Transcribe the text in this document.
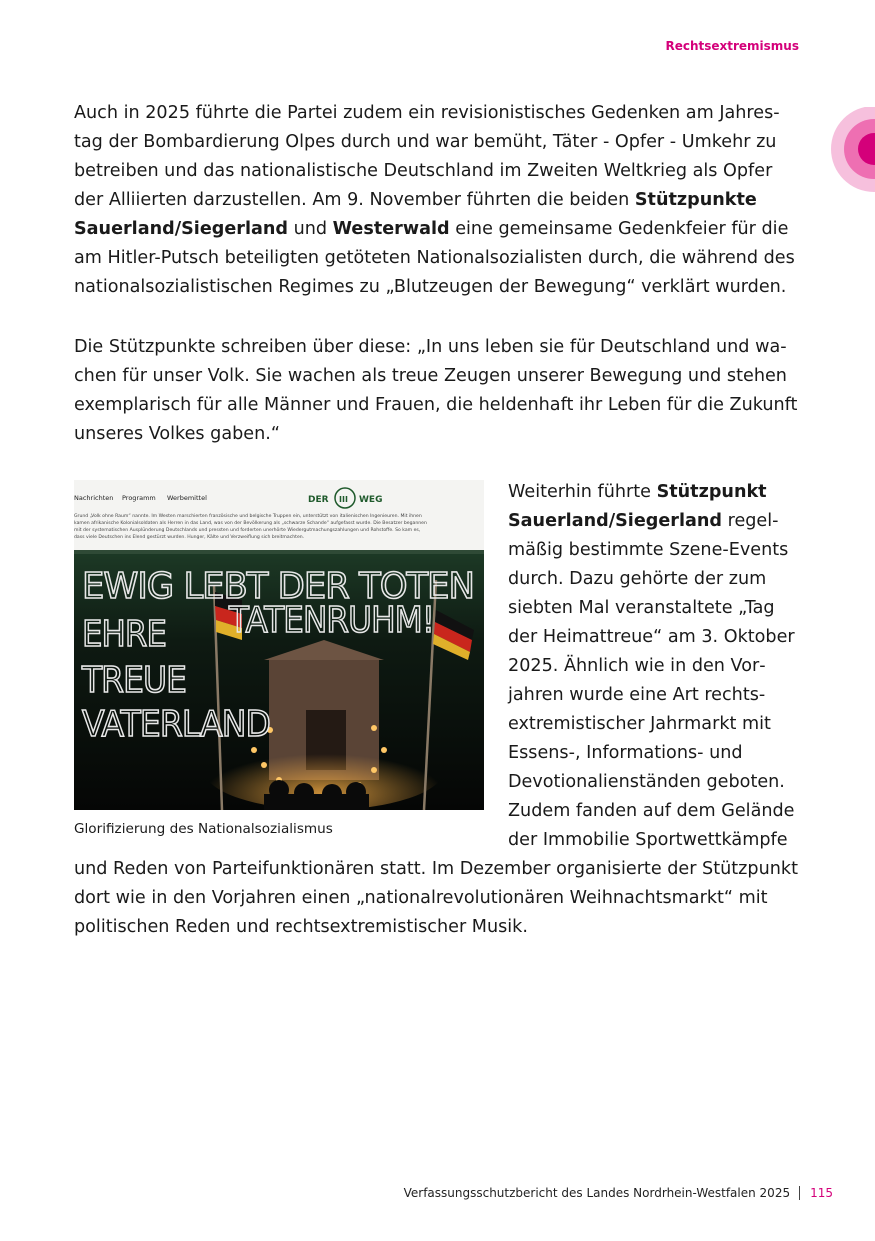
Rechtsextremismus

Auch in 2025 führte die Partei zudem ein revisionistisches Gedenken am Jahrestag der Bombardierung Olpes durch und war bemüht, Täter - Opfer - Umkehr zu betreiben und das nationalistische Deutschland im Zweiten Weltkrieg als Opfer der Alliierten darzustellen. Am 9. November führten die beiden Stützpunkte Sauerland/Siegerland und Westerwald eine gemeinsame Gedenkfeier für die am Hitler-Putsch beteiligten getöteten Nationalsozialisten durch, die während des nationalsozialistischen Regimes zu „Blutzeugen der Bewegung“ verklärt wurden.

Die Stützpunkte schreiben über diese: „In uns leben sie für Deutschland und wachen für unser Volk. Sie wachen als treue Zeugen unserer Bewegung und stehen exemplarisch für alle Männer und Frauen, die heldenhaft ihr Leben für die Zukunft unseres Volkes gaben.“

Nachrichten Programm Werbemittel	DER III WEG
Grund „Volk ohne Raum“ nannte. Im Westen marschierten französische und belgische Truppen ein, unterstützt von italienischen Ingenieuren. Mit ihnen
kamen afrikanische Kolonialsoldaten als Herren in das Land, was von der Bevölkerung als „schwarze Schande“ aufgefasst wurde. Die Besatzer begannen
mit der systematischen Ausplünderung Deutschlands und pressten und forderten unerhörte Wiedergutmachungszahlungen und Rohstoffe. So kam es,
dass viele Deutschen ins Elend gestürzt wurden. Hunger, Kälte und Verzweiflung sich breitmachten.
EWIG LEBT DER TOTEN
TATENRUHM!
EHRE
TREUE
VATERLAND
Glorifizierung des Nationalsozialismus

Weiterhin führte Stützpunkt Sauerland/Siegerland regelmäßig bestimmte Szene-Events durch. Dazu gehörte der zum siebten Mal veranstaltete „Tag der Heimattreue“ am 3. Oktober 2025. Ähnlich wie in den Vorjahren wurde eine Art rechtsextremistischer Jahrmarkt mit Essens-, Informations- und Devotionalienständen geboten. Zudem fanden auf dem Gelände der Immobilie Sportwettkämpfe und Reden von Parteifunktionären statt. Im Dezember organisierte der Stützpunkt dort wie in den Vorjahren einen „nationalrevolutionären Weihnachtsmarkt“ mit politischen Reden und rechtsextremistischer Musik.

Verfassungsschutzbericht des Landes Nordrhein-Westfalen 2025 115
